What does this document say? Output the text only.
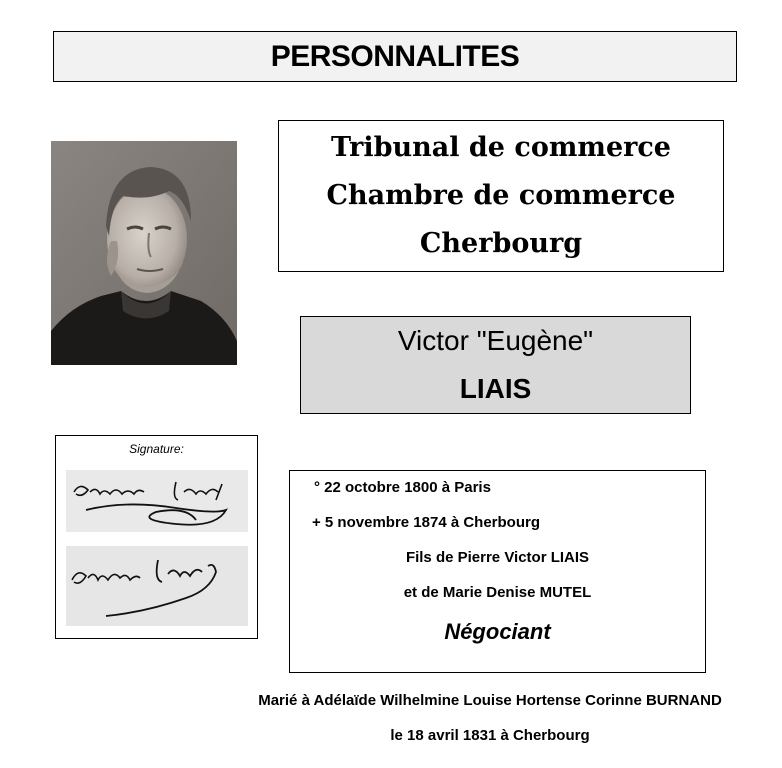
PERSONNALITES
Tribunal de commerce
Chambre de commerce
Cherbourg
Victor "Eugène"
LIAIS
Signature:
° 22 octobre 1800 à Paris
+ 5 novembre 1874 à Cherbourg
Fils de Pierre Victor LIAIS
et de Marie Denise MUTEL
Négociant
Marié à Adélaïde Wilhelmine Louise Hortense Corinne BURNAND
le 18 avril 1831 à Cherbourg
